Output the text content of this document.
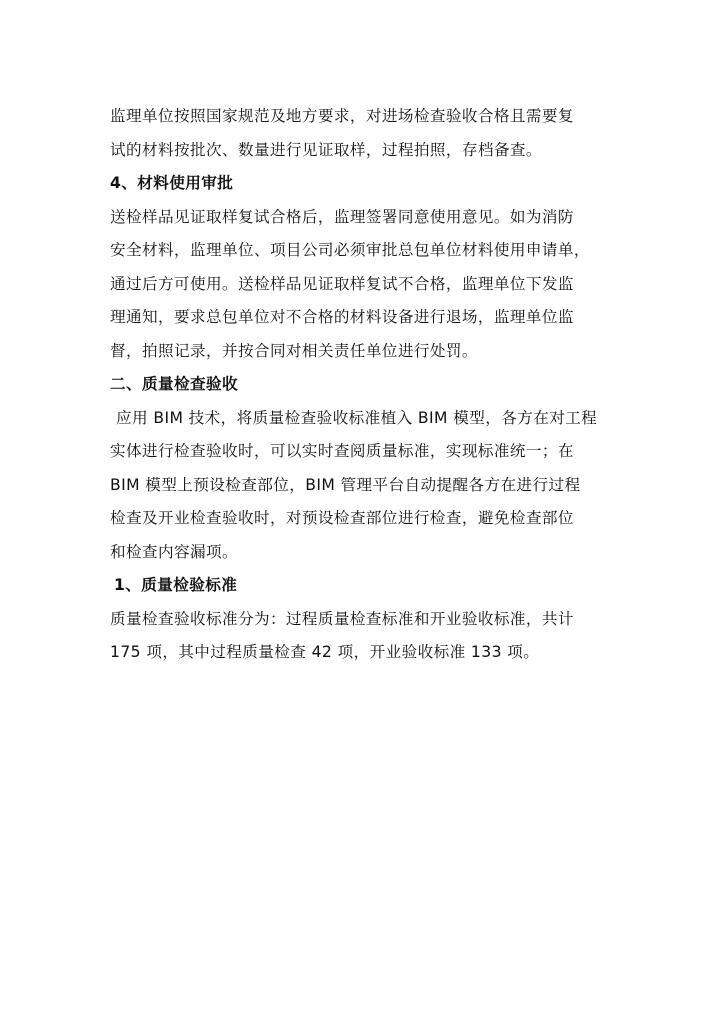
监理单位按照国家规范及地方要求，对进场检查验收合格且需要复
试的材料按批次、数量进行见证取样，过程拍照，存档备查。
4、材料使用审批
送检样品见证取样复试合格后，监理签署同意使用意见。如为消防
安全材料，监理单位、项目公司必须审批总包单位材料使用申请单，
通过后方可使用。送检样品见证取样复试不合格，监理单位下发监
理通知，要求总包单位对不合格的材料设备进行退场，监理单位监
督，拍照记录，并按合同对相关责任单位进行处罚。
二、质量检查验收
应用 BIM 技术，将质量检查验收标准植入 BIM 模型，各方在对工程
实体进行检查验收时，可以实时查阅质量标准，实现标准统一；在
BIM 模型上预设检查部位，BIM 管理平台自动提醒各方在进行过程
检查及开业检查验收时，对预设检查部位进行检查，避免检查部位
和检查内容漏项。
1、质量检验标准
质量检查验收标准分为：过程质量检查标准和开业验收标准，共计
175 项，其中过程质量检查 42 项，开业验收标准 133 项。
